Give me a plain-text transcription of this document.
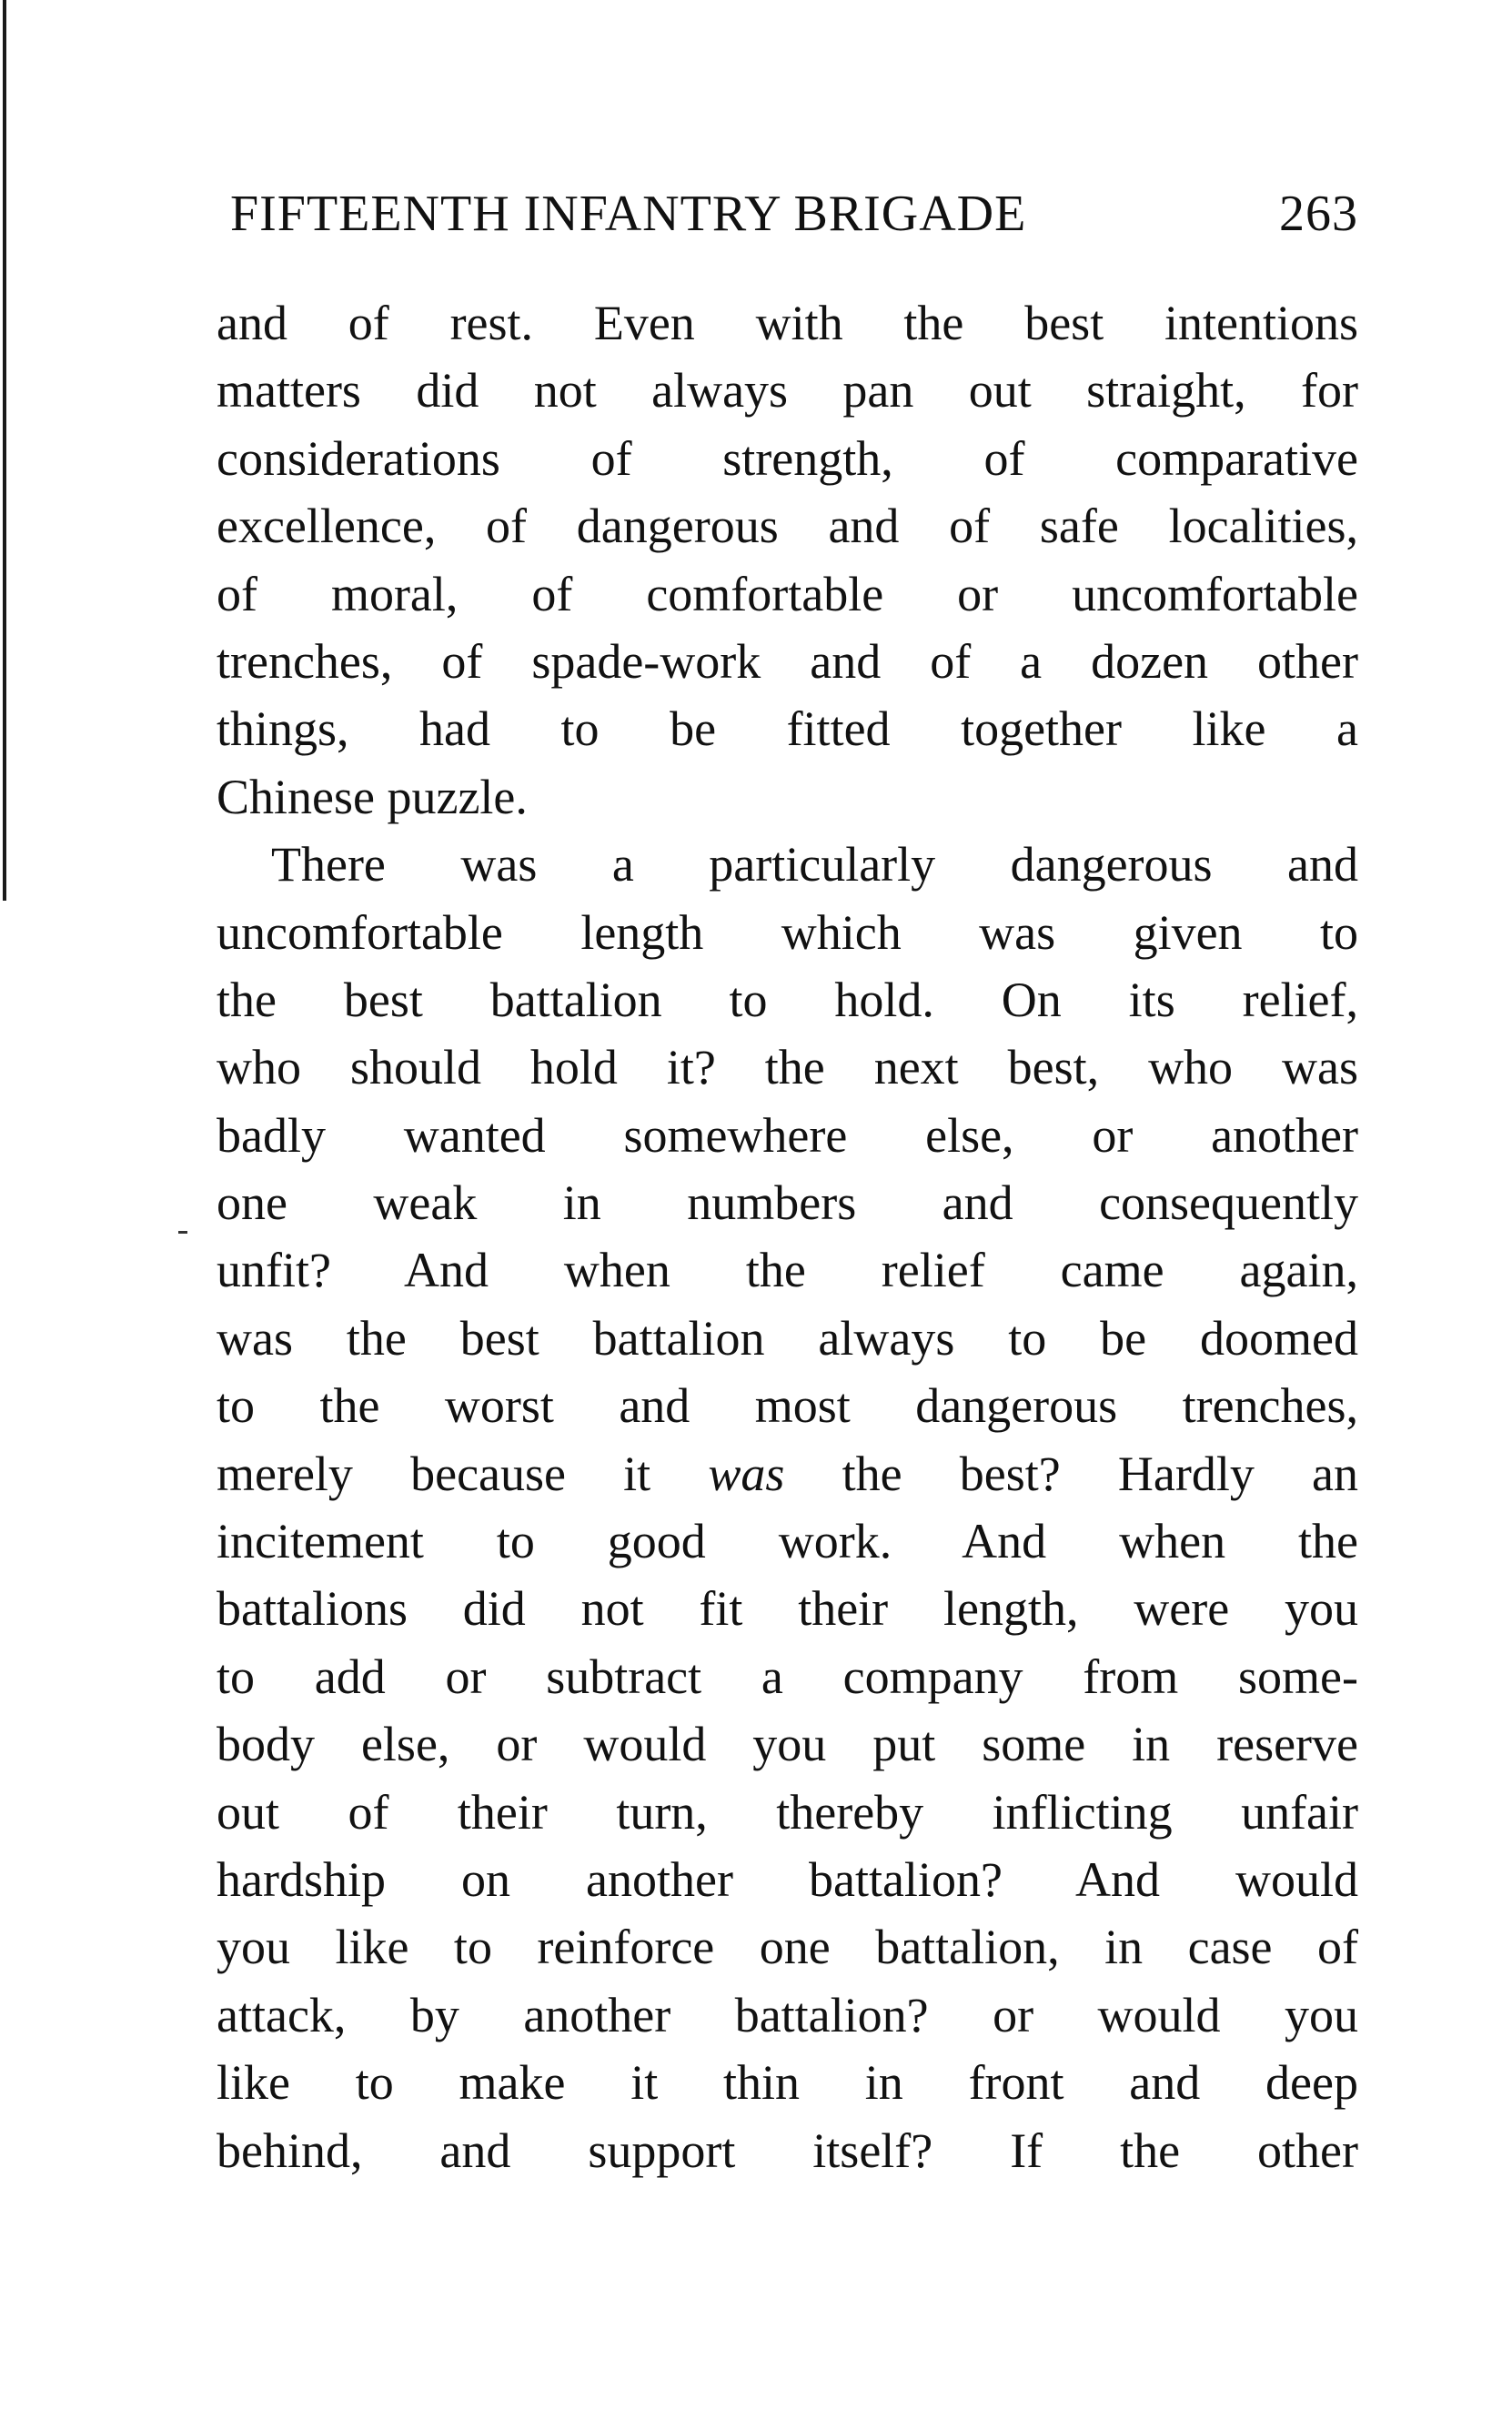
FIFTEENTH INFANTRY BRIGADE	263
and of rest. Even with the best intentions
matters did not always pan out straight, for
considerations of strength, of comparative
excellence, of dangerous and of safe localities,
of moral, of comfortable or uncomfortable
trenches, of spade-work and of a dozen other
things, had to be fitted together like a
Chinese puzzle.
There was a particularly dangerous and
uncomfortable length which was given to
the best battalion to hold. On its relief,
who should hold it? the next best, who was
badly wanted somewhere else, or another
one weak in numbers and consequently
unfit? And when the relief came again,
was the best battalion always to be doomed
to the worst and most dangerous trenches,
merely because it was the best? Hardly an
incitement to good work. And when the
battalions did not fit their length, were you
to add or subtract a company from some-
body else, or would you put some in reserve
out of their turn, thereby inflicting unfair
hardship on another battalion? And would
you like to reinforce one battalion, in case of
attack, by another battalion? or would you
like to make it thin in front and deep
behind, and support itself? If the other
